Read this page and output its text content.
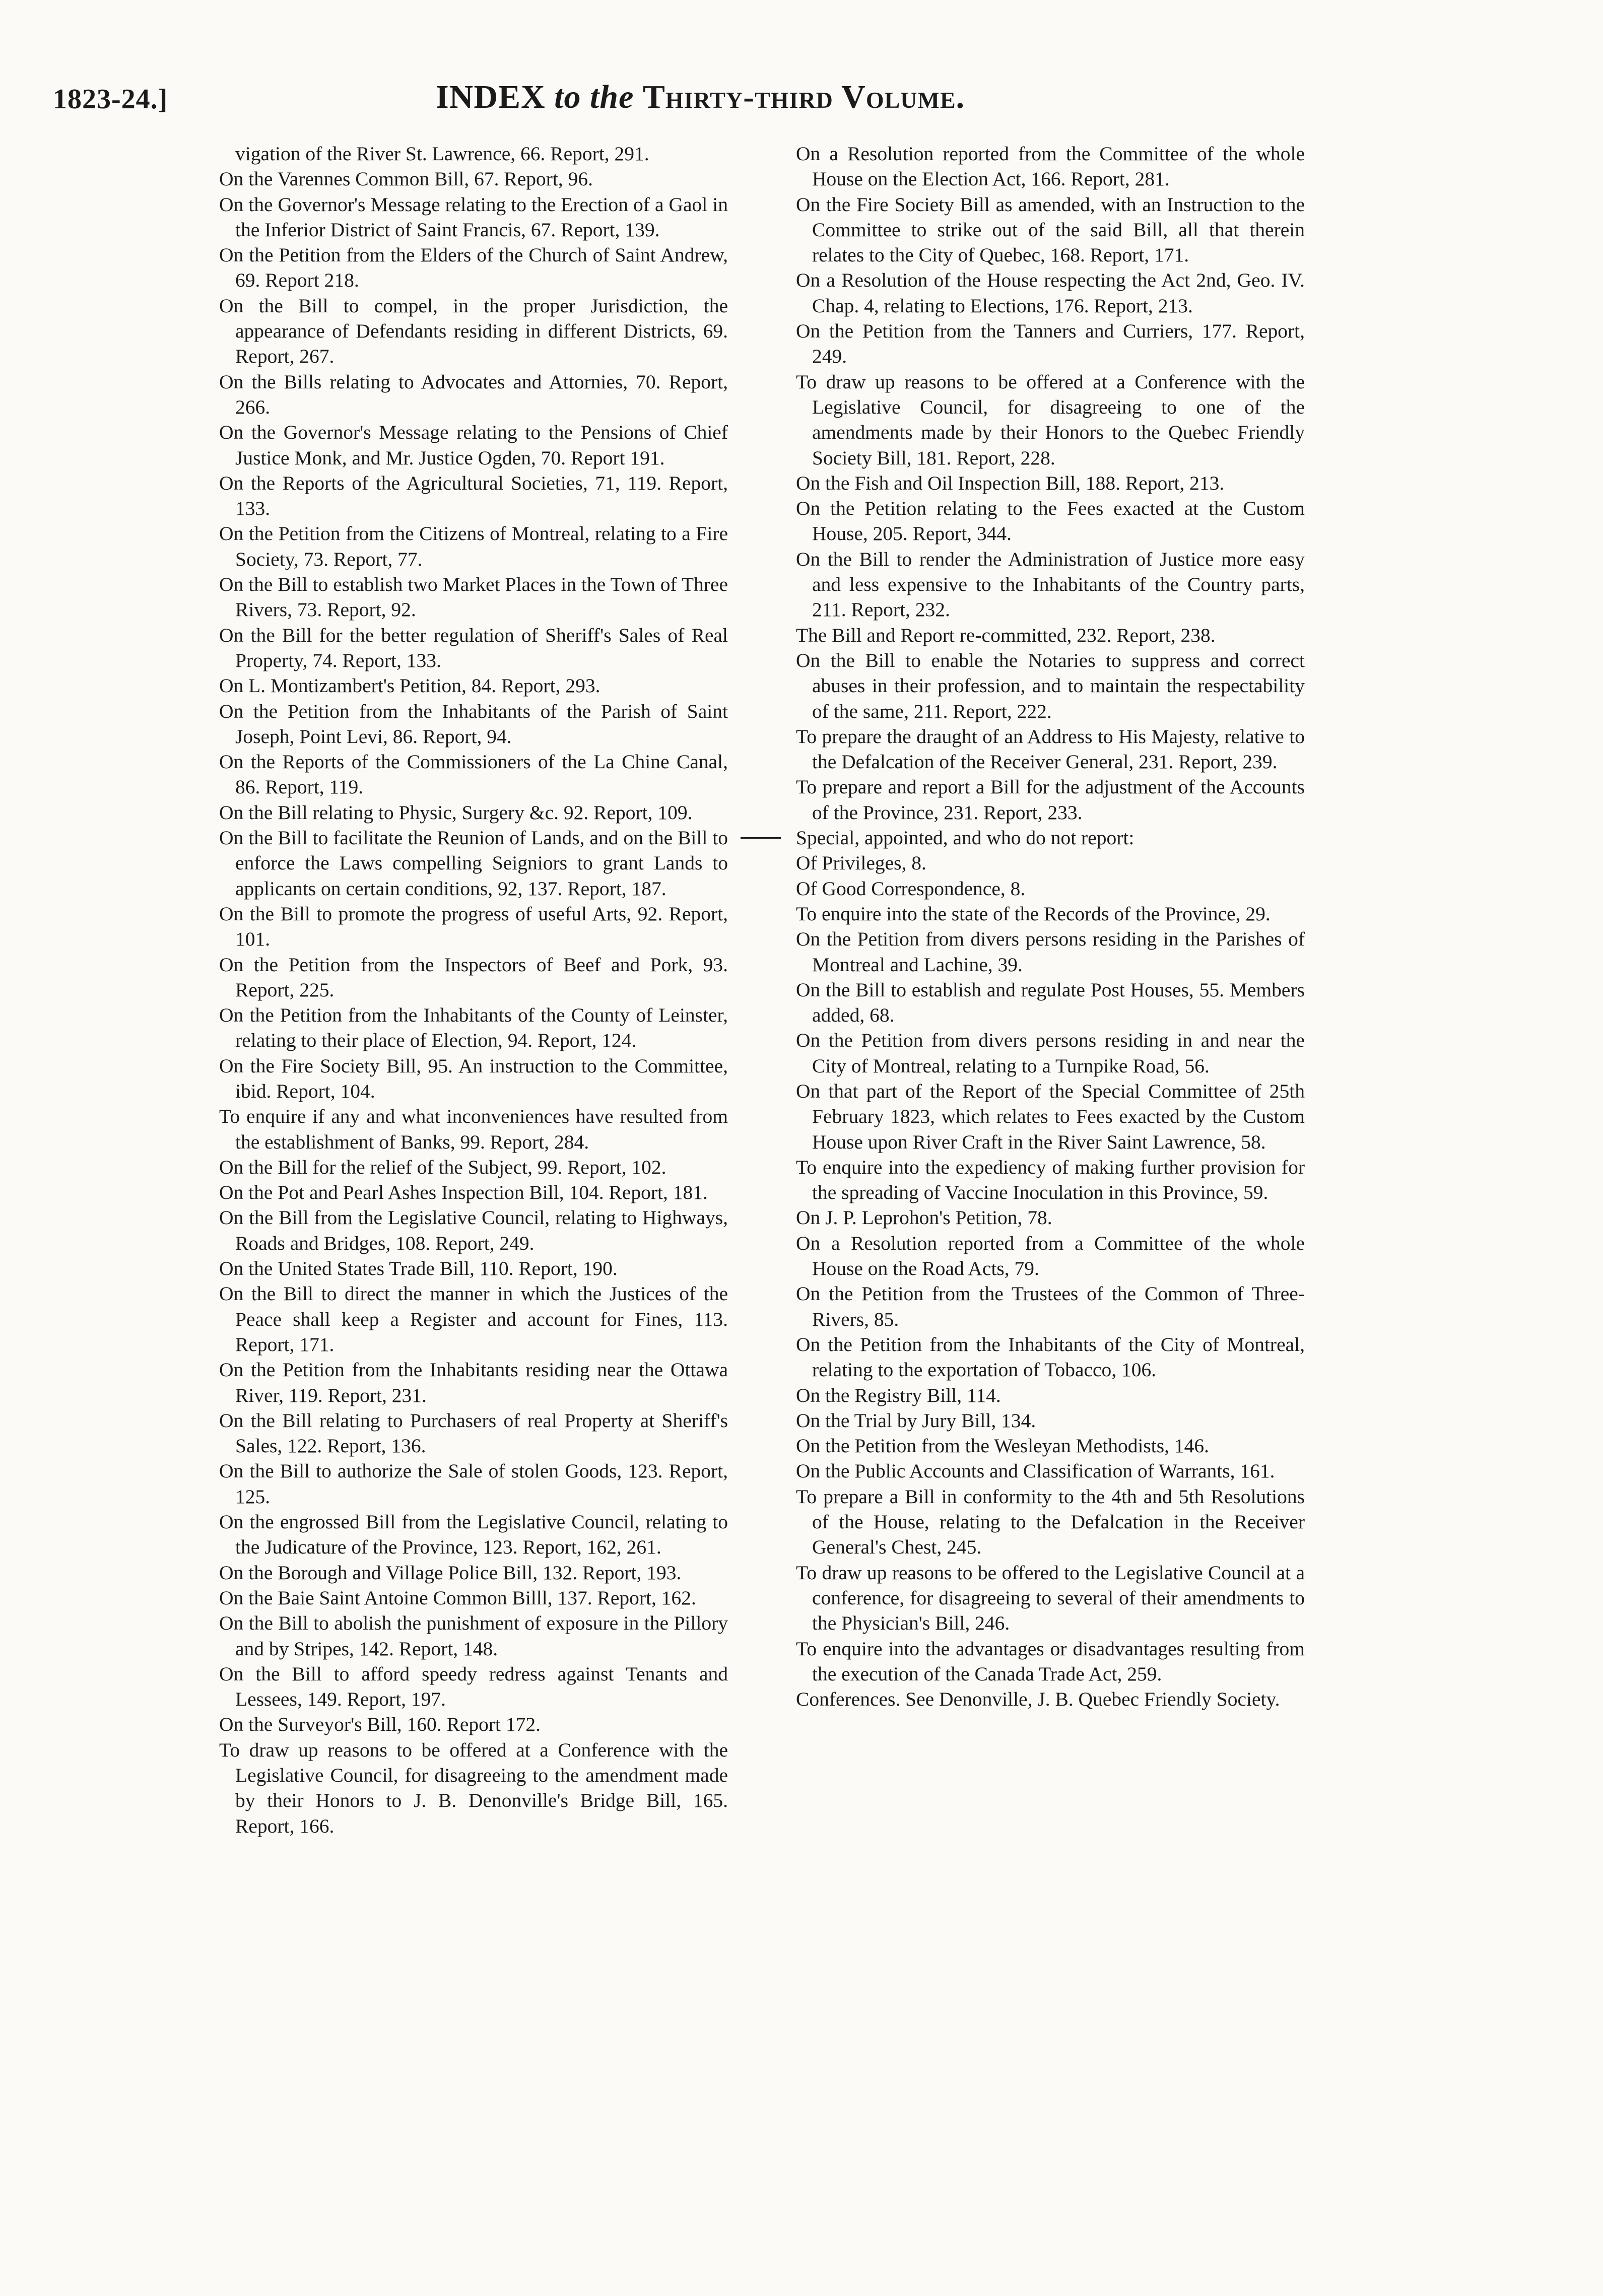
1823-24.]	INDEX to the Thirty-third Volume.

vigation of the River St. Lawrence, 66. Report, 291.

On the Varennes Common Bill, 67. Report, 96.

On the Governor's Message relating to the Erection of a Gaol in the Inferior District of Saint Francis, 67. Report, 139.

On the Petition from the Elders of the Church of Saint Andrew, 69. Report 218.

On the Bill to compel, in the proper Jurisdiction, the appearance of Defendants residing in different Districts, 69. Report, 267.

On the Bills relating to Advocates and Attornies, 70. Report, 266.

On the Governor's Message relating to the Pensions of Chief Justice Monk, and Mr. Justice Ogden, 70. Report 191.

On the Reports of the Agricultural Societies, 71, 119. Report, 133.

On the Petition from the Citizens of Montreal, relating to a Fire Society, 73. Report, 77.

On the Bill to establish two Market Places in the Town of Three Rivers, 73. Report, 92.

On the Bill for the better regulation of Sheriff's Sales of Real Property, 74. Report, 133.

On L. Montizambert's Petition, 84. Report, 293.

On the Petition from the Inhabitants of the Parish of Saint Joseph, Point Levi, 86. Report, 94.

On the Reports of the Commissioners of the La Chine Canal, 86. Report, 119.

On the Bill relating to Physic, Surgery &c. 92. Report, 109.

On the Bill to facilitate the Reunion of Lands, and on the Bill to enforce the Laws compelling Seigniors to grant Lands to applicants on certain conditions, 92, 137. Report, 187.

On the Bill to promote the progress of useful Arts, 92. Report, 101.

On the Petition from the Inspectors of Beef and Pork, 93. Report, 225.

On the Petition from the Inhabitants of the County of Leinster, relating to their place of Election, 94. Report, 124.

On the Fire Society Bill, 95. An instruction to the Committee, ibid. Report, 104.

To enquire if any and what inconveniences have resulted from the establishment of Banks, 99. Report, 284.

On the Bill for the relief of the Subject, 99. Report, 102.

On the Pot and Pearl Ashes Inspection Bill, 104. Report, 181.

On the Bill from the Legislative Council, relating to Highways, Roads and Bridges, 108. Report, 249.

On the United States Trade Bill, 110. Report, 190.

On the Bill to direct the manner in which the Justices of the Peace shall keep a Register and account for Fines, 113. Report, 171.

On the Petition from the Inhabitants residing near the Ottawa River, 119. Report, 231.

On the Bill relating to Purchasers of real Property at Sheriff's Sales, 122. Report, 136.

On the Bill to authorize the Sale of stolen Goods, 123. Report, 125.

On the engrossed Bill from the Legislative Council, relating to the Judicature of the Province, 123. Report, 162, 261.

On the Borough and Village Police Bill, 132. Report, 193.

On the Baie Saint Antoine Common Billl, 137. Report, 162.

On the Bill to abolish the punishment of exposure in the Pillory and by Stripes, 142. Report, 148.

On the Bill to afford speedy redress against Tenants and Lessees, 149. Report, 197.

On the Surveyor's Bill, 160. Report 172.

To draw up reasons to be offered at a Conference with the Legislative Council, for disagreeing to the amendment made by their Honors to J. B. Denonville's Bridge Bill, 165. Report, 166.

On a Resolution reported from the Committee of the whole House on the Election Act, 166. Report, 281.

On the Fire Society Bill as amended, with an Instruction to the Committee to strike out of the said Bill, all that therein relates to the City of Quebec, 168. Report, 171.

On a Resolution of the House respecting the Act 2nd, Geo. IV. Chap. 4, relating to Elections, 176. Report, 213.

On the Petition from the Tanners and Curriers, 177. Report, 249.

To draw up reasons to be offered at a Conference with the Legislative Council, for disagreeing to one of the amendments made by their Honors to the Quebec Friendly Society Bill, 181. Report, 228.

On the Fish and Oil Inspection Bill, 188. Report, 213.

On the Petition relating to the Fees exacted at the Custom House, 205. Report, 344.

On the Bill to render the Administration of Justice more easy and less expensive to the Inhabitants of the Country parts, 211. Report, 232.

The Bill and Report re-committed, 232. Report, 238.

On the Bill to enable the Notaries to suppress and correct abuses in their profession, and to maintain the respectability of the same, 211. Report, 222.

To prepare the draught of an Address to His Majesty, relative to the Defalcation of the Receiver General, 231. Report, 239.

To prepare and report a Bill for the adjustment of the Accounts of the Province, 231. Report, 233.

Special, appointed, and who do not report:

Of Privileges, 8.

Of Good Correspondence, 8.

To enquire into the state of the Records of the Province, 29.

On the Petition from divers persons residing in the Parishes of Montreal and Lachine, 39.

On the Bill to establish and regulate Post Houses, 55. Members added, 68.

On the Petition from divers persons residing in and near the City of Montreal, relating to a Turnpike Road, 56.

On that part of the Report of the Special Committee of 25th February 1823, which relates to Fees exacted by the Custom House upon River Craft in the River Saint Lawrence, 58.

To enquire into the expediency of making further provision for the spreading of Vaccine Inoculation in this Province, 59.

On J. P. Leprohon's Petition, 78.

On a Resolution reported from a Committee of the whole House on the Road Acts, 79.

On the Petition from the Trustees of the Common of Three-Rivers, 85.

On the Petition from the Inhabitants of the City of Montreal, relating to the exportation of Tobacco, 106.

On the Registry Bill, 114.

On the Trial by Jury Bill, 134.

On the Petition from the Wesleyan Methodists, 146.

On the Public Accounts and Classification of Warrants, 161.

To prepare a Bill in conformity to the 4th and 5th Resolutions of the House, relating to the Defalcation in the Receiver General's Chest, 245.

To draw up reasons to be offered to the Legislative Council at a conference, for disagreeing to several of their amendments to the Physician's Bill, 246.

To enquire into the advantages or disadvantages resulting from the execution of the Canada Trade Act, 259.

Conferences. See Denonville, J. B. Quebec Friendly Society.
